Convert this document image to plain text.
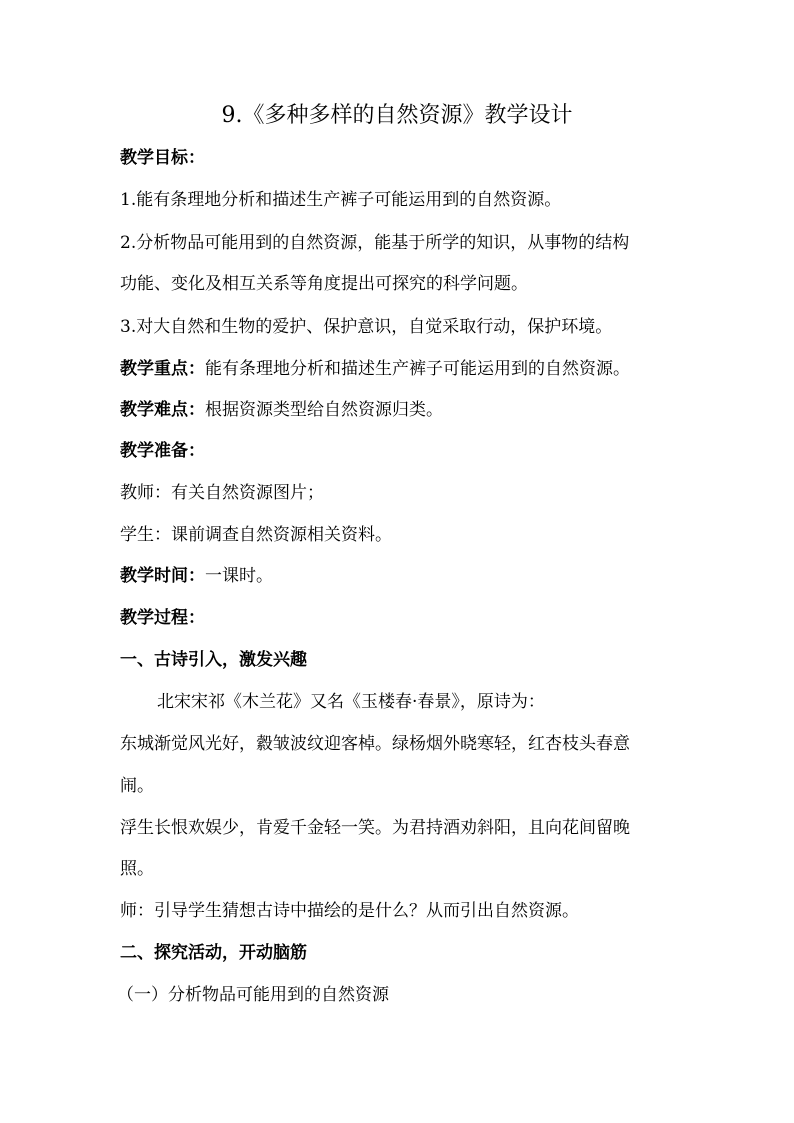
9.《多种多样的自然资源》教学设计
教学目标：
1.能有条理地分析和描述生产裤子可能运用到的自然资源。
2.分析物品可能用到的自然资源，能基于所学的知识，从事物的结构
功能、变化及相互关系等角度提出可探究的科学问题。
3.对大自然和生物的爱护、保护意识，自觉采取行动，保护环境。
教学重点：能有条理地分析和描述生产裤子可能运用到的自然资源。
教学难点：根据资源类型给自然资源归类。
教学准备：
教师：有关自然资源图片；
学生：课前调查自然资源相关资料。
教学时间：一课时。
教学过程：
一、古诗引入，激发兴趣
北宋宋祁《木兰花》又名《玉楼春·春景》，原诗为：
东城渐觉风光好，縠皱波纹迎客棹。绿杨烟外晓寒轻，红杏枝头春意
闹。
浮生长恨欢娱少，肯爱千金轻一笑。为君持酒劝斜阳，且向花间留晚
照。
师：引导学生猜想古诗中描绘的是什么？从而引出自然资源。
二、探究活动，开动脑筋
（一）分析物品可能用到的自然资源
